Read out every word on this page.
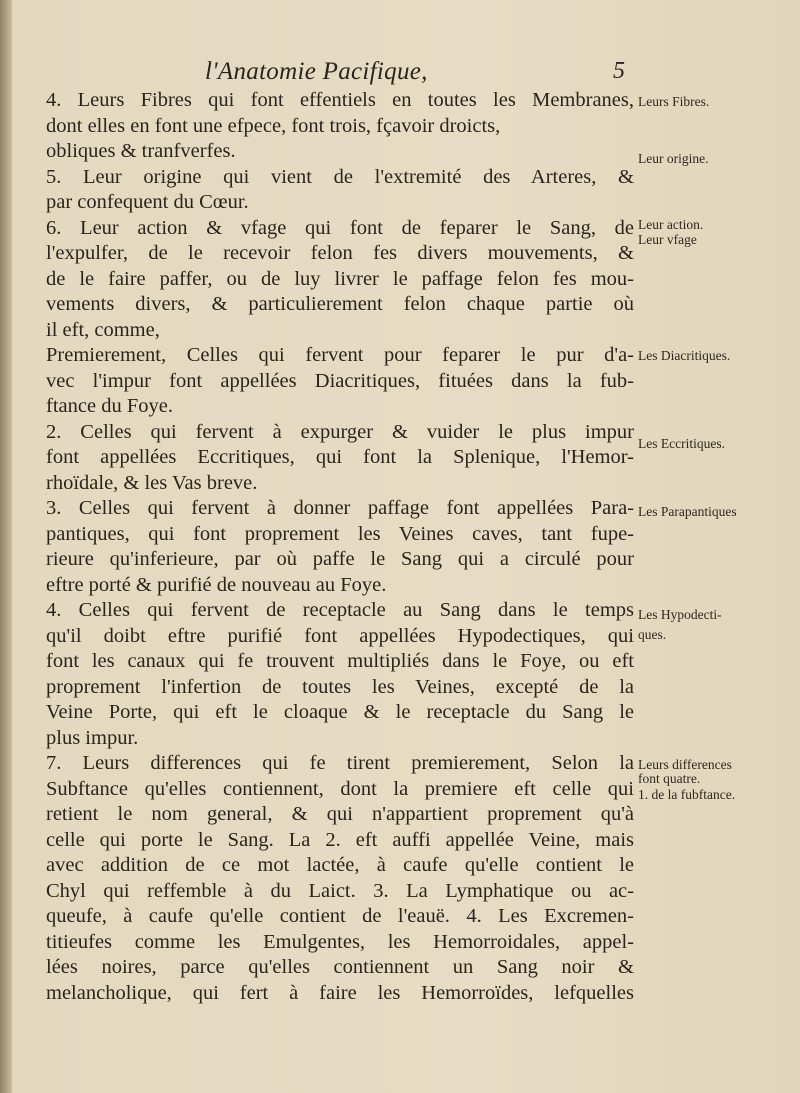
l'Anatomie Pacifique,	5
4. Leurs Fibres qui font effentiels en toutes les Membranes,
dont elles en font une efpece, font trois, fçavoir droicts,
obliques & tranfverfes.
5. Leur origine qui vient de l'extremité des Arteres, &
par confequent du Cœur.
6. Leur action & vfage qui font de feparer le Sang, de
l'expulfer, de le recevoir felon fes divers mouvements, &
de le faire paffer, ou de luy livrer le paffage felon fes mou-
vements divers, & particulierement felon chaque partie où
il eft, comme,
Premierement, Celles qui fervent pour feparer le pur d'a-
vec l'impur font appellées Diacritiques, fituées dans la fub-
ftance du Foye.
2. Celles qui fervent à expurger & vuider le plus impur
font appellées Eccritiques, qui font la Splenique, l'Hemor-
rhoïdale, & les Vas breve.
3. Celles qui fervent à donner paffage font appellées Para-
pantiques, qui font proprement les Veines caves, tant fupe-
rieure qu'inferieure, par où paffe le Sang qui a circulé pour
eftre porté & purifié de nouveau au Foye.
4. Celles qui fervent de receptacle au Sang dans le temps
qu'il doibt eftre purifié font appellées Hypodectiques, qui
font les canaux qui fe trouvent multipliés dans le Foye, ou eft
proprement l'infertion de toutes les Veines, excepté de la
Veine Porte, qui eft le cloaque & le receptacle du Sang le
plus impur.
7. Leurs differences qui fe tirent premierement, Selon la
Subftance qu'elles contiennent, dont la premiere eft celle qui
retient le nom general, & qui n'appartient proprement qu'à
celle qui porte le Sang. La 2. eft auffi appellée Veine, mais
avec addition de ce mot lactée, à caufe qu'elle contient le
Chyl qui reffemble à du Laict. 3. La Lymphatique ou ac-
queufe, à caufe qu'elle contient de l'eauë. 4. Les Excremen-
titieufes comme les Emulgentes, les Hemorroidales, appel-
lées noires, parce qu'elles contiennent un Sang noir &
melancholique, qui fert à faire les Hemorroïdes, lefquelles
Leurs Fibres.
Leur origine.
Leur action.
Leur vfage
Les Diacritiques.
Les Eccritiques.
Les Parapantiques
Les Hypodecti-
ques.
Leurs differences
font quatre.
1. de la fubftance.
